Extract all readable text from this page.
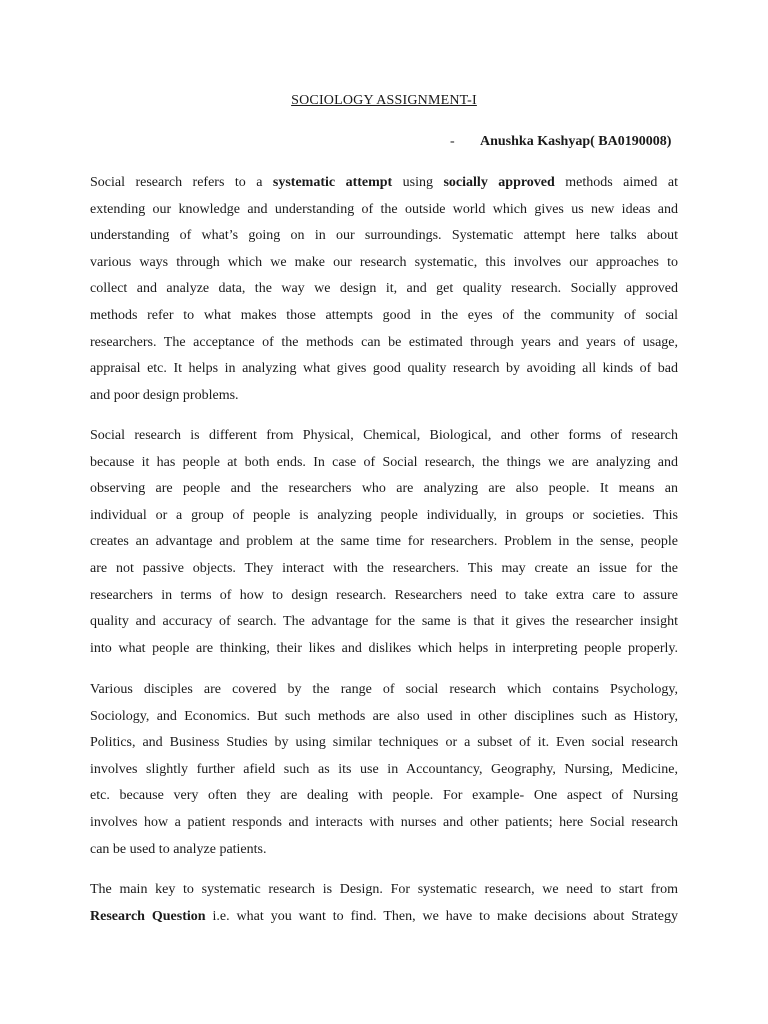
SOCIOLOGY ASSIGNMENT-I
- Anushka Kashyap( BA0190008)
Social research refers to a systematic attempt using socially approved methods aimed at
extending our knowledge and understanding of the outside world which gives us new ideas and
understanding of what’s going on in our surroundings. Systematic attempt here talks about
various ways through which we make our research systematic, this involves our approaches to
collect and analyze data, the way we design it, and get quality research. Socially approved
methods refer to what makes those attempts good in the eyes of the community of social
researchers. The acceptance of the methods can be estimated through years and years of usage,
appraisal etc. It helps in analyzing what gives good quality research by avoiding all kinds of bad
and poor design problems.
Social research is different from Physical, Chemical, Biological, and other forms of research
because it has people at both ends. In case of Social research, the things we are analyzing and
observing are people and the researchers who are analyzing are also people. It means an
individual or a group of people is analyzing people individually, in groups or societies. This
creates an advantage and problem at the same time for researchers. Problem in the sense, people
are not passive objects. They interact with the researchers. This may create an issue for the
researchers in terms of how to design research. Researchers need to take extra care to assure
quality and accuracy of search. The advantage for the same is that it gives the researcher insight
into what people are thinking, their likes and dislikes which helps in interpreting people properly.
Various disciples are covered by the range of social research which contains Psychology,
Sociology, and Economics. But such methods are also used in other disciplines such as History,
Politics, and Business Studies by using similar techniques or a subset of it. Even social research
involves slightly further afield such as its use in Accountancy, Geography, Nursing, Medicine,
etc. because very often they are dealing with people. For example- One aspect of Nursing
involves how a patient responds and interacts with nurses and other patients; here Social research
can be used to analyze patients.
The main key to systematic research is Design. For systematic research, we need to start from
Research Question i.e. what you want to find. Then, we have to make decisions about Strategy
